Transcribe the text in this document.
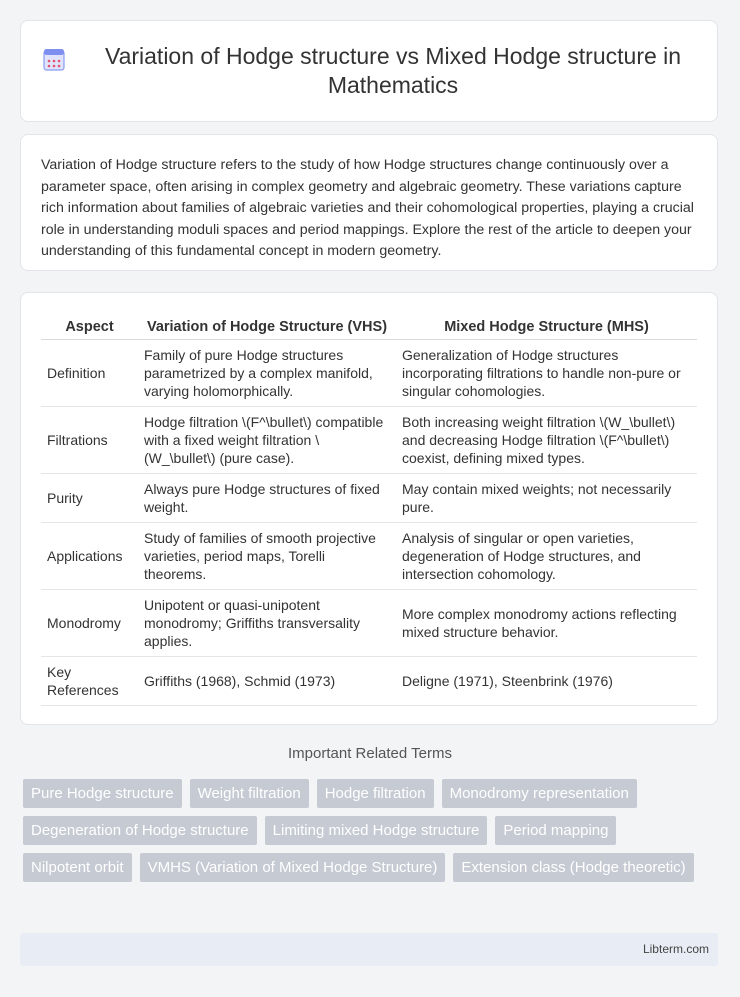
Variation of Hodge structure vs Mixed Hodge structure in Mathematics

Variation of Hodge structure refers to the study of how Hodge structures change continuously over a parameter space, often arising in complex geometry and algebraic geometry. These variations capture rich information about families of algebraic varieties and their cohomological properties, playing a crucial role in understanding moduli spaces and period mappings. Explore the rest of the article to deepen your understanding of this fundamental concept in modern geometry.

Aspect	Variation of Hodge Structure (VHS)	Mixed Hodge Structure (MHS)
Definition	Family of pure Hodge structures parametrized by a complex manifold, varying holomorphically.	Generalization of Hodge structures incorporating filtrations to handle non-pure or singular cohomologies.
Filtrations	Hodge filtration \(F^\bullet\) compatible with a fixed weight filtration \(W_\bullet\) (pure case).	Both increasing weight filtration \(W_\bullet\) and decreasing Hodge filtration \(F^\bullet\) coexist, defining mixed types.
Purity	Always pure Hodge structures of fixed weight.	May contain mixed weights; not necessarily pure.
Applications	Study of families of smooth projective varieties, period maps, Torelli theorems.	Analysis of singular or open varieties, degeneration of Hodge structures, and intersection cohomology.
Monodromy	Unipotent or quasi-unipotent monodromy; Griffiths transversality applies.	More complex monodromy actions reflecting mixed structure behavior.
Key References	Griffiths (1968), Schmid (1973)	Deligne (1971), Steenbrink (1976)
Important Related Terms
Pure Hodge structure	Weight filtration	Hodge filtration	Monodromy representation
Degeneration of Hodge structure	Limiting mixed Hodge structure	Period mapping
Nilpotent orbit	VMHS (Variation of Mixed Hodge Structure)	Extension class (Hodge theoretic)
Libterm.com
